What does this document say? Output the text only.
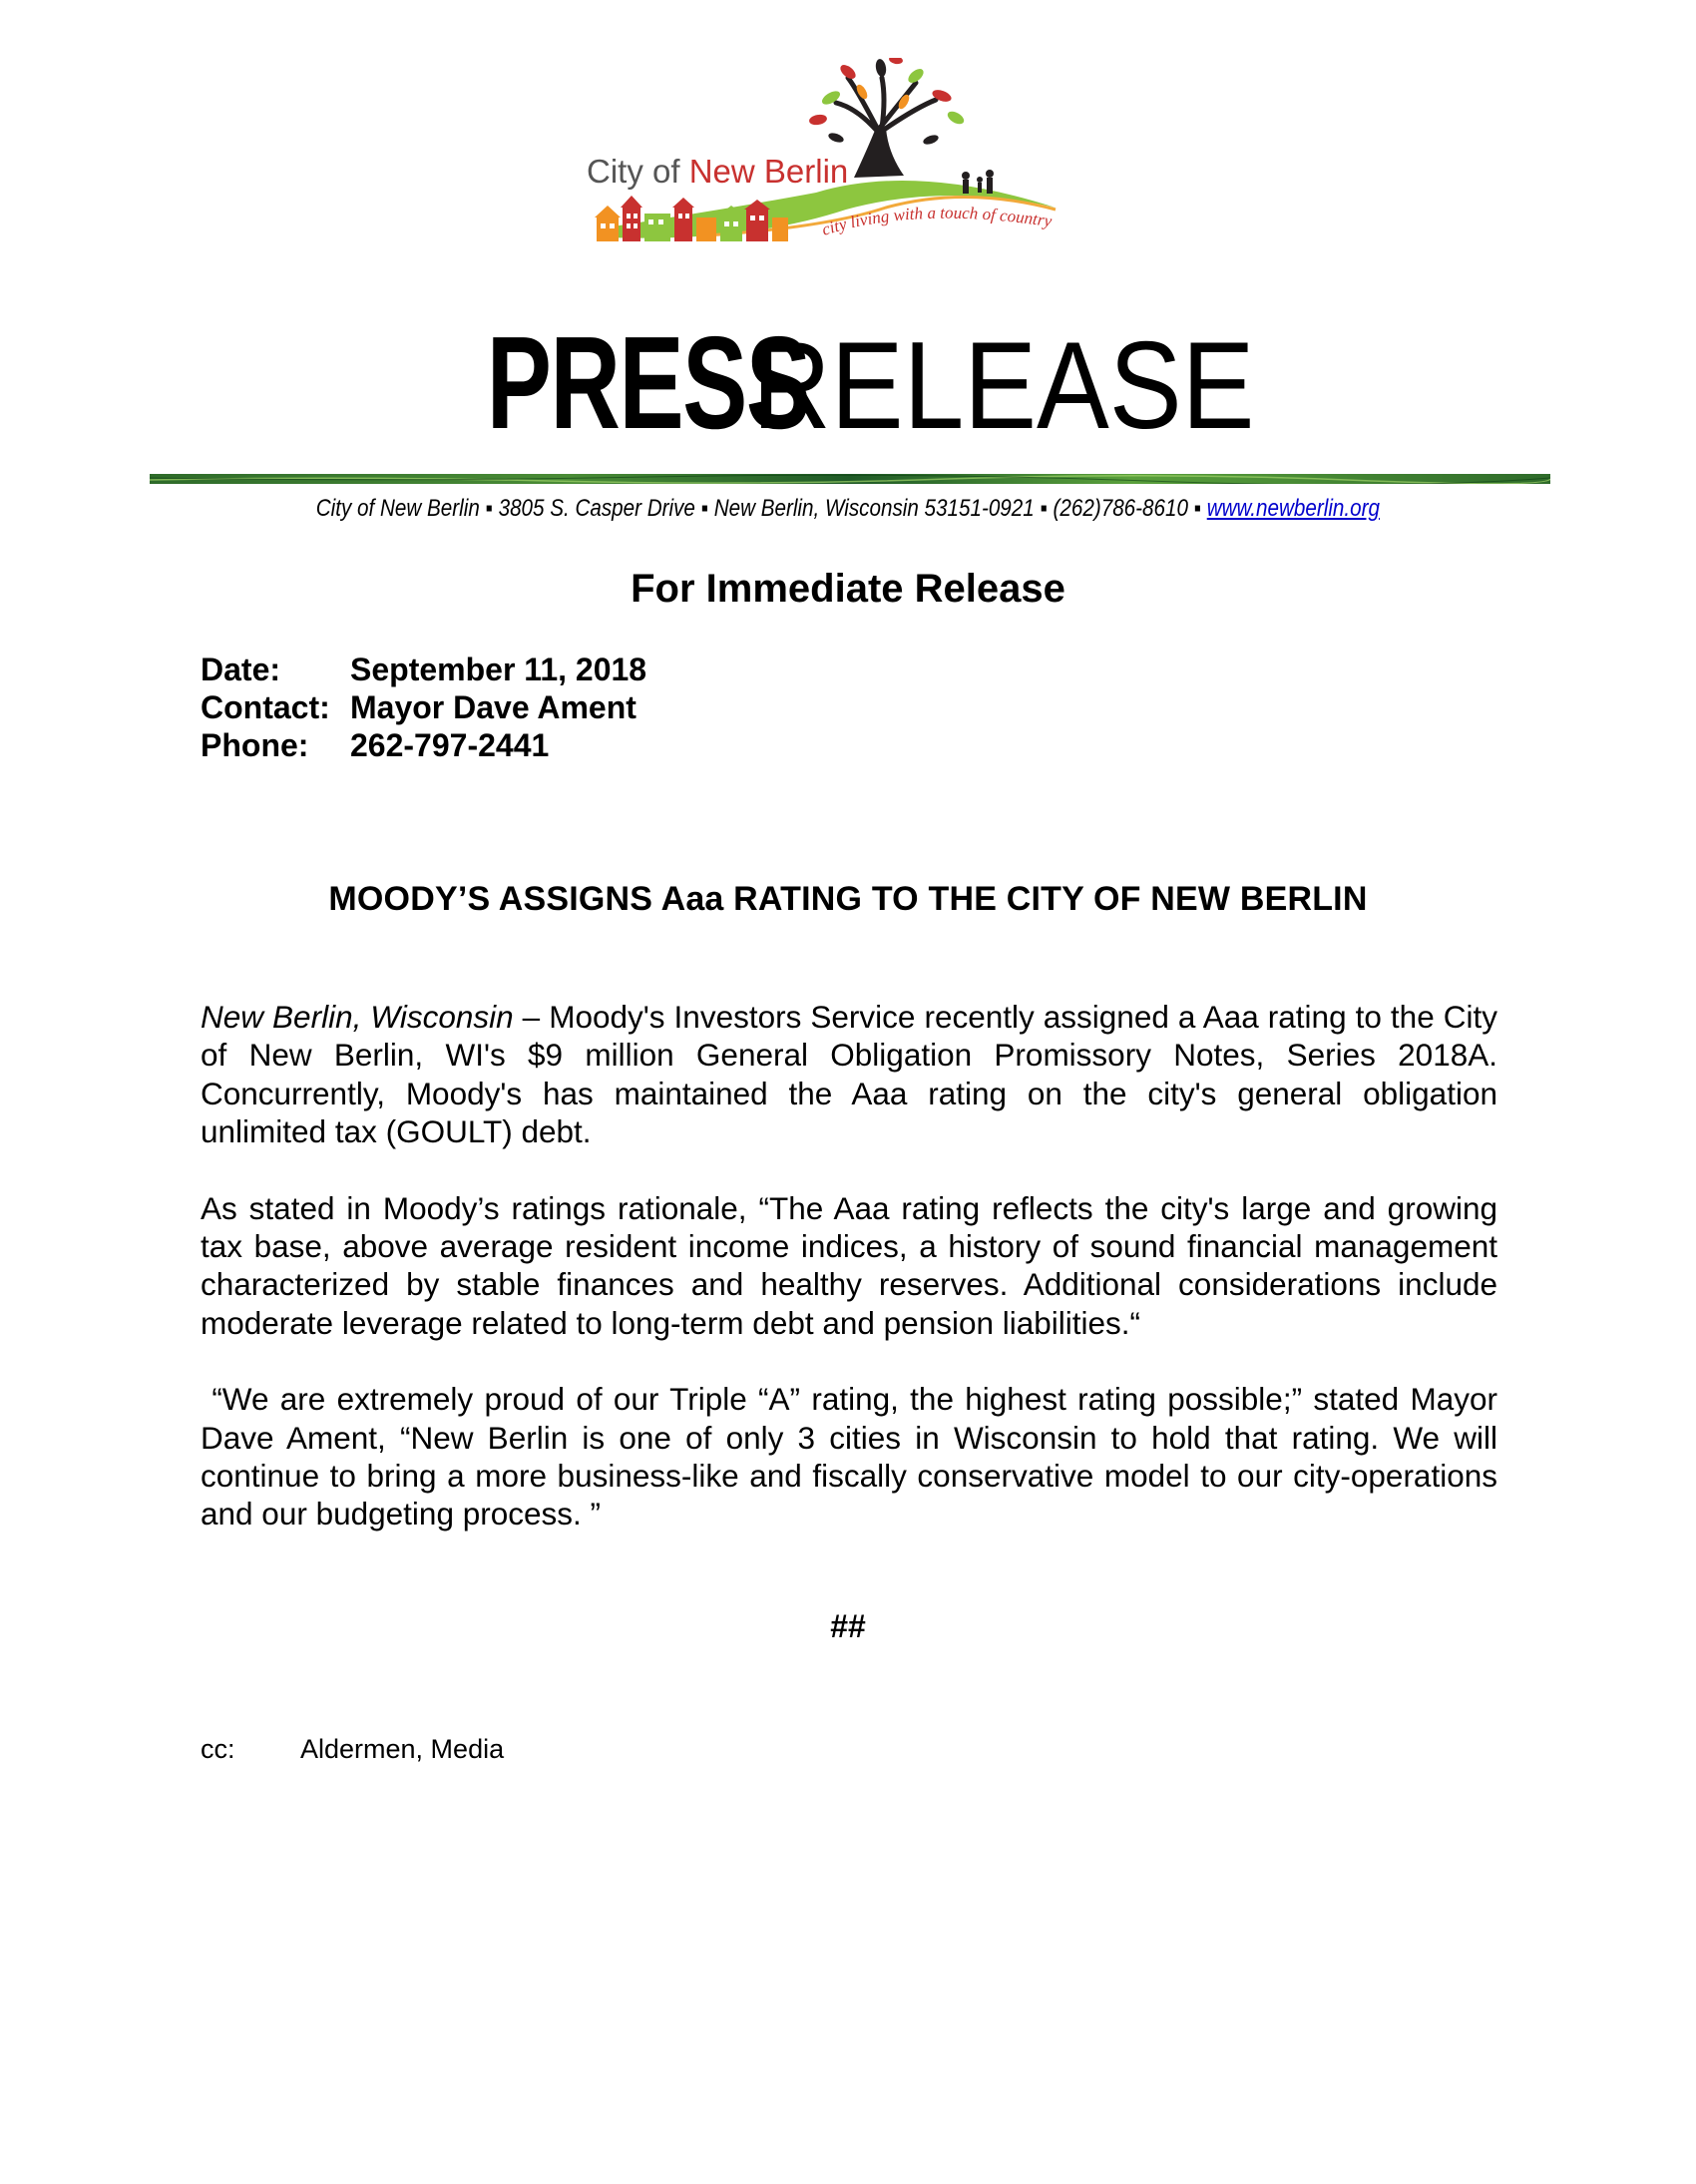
City of New Berlin
city living with a touch of country
PRESSRELEASE
City of New Berlin ▪ 3805 S. Casper Drive ▪ New Berlin, Wisconsin 53151-0921 ▪ (262)786-8610 ▪ www.newberlin.org
For Immediate Release
Date:	September 11, 2018
Contact: Mayor Dave Ament
Phone:	262-797-2441
MOODY’S ASSIGNS Aaa RATING TO THE CITY OF NEW BERLIN

New Berlin, Wisconsin – Moody's Investors Service recently assigned a Aaa rating to the City of New Berlin, WI's $9 million General Obligation Promissory Notes, Series 2018A. Concurrently, Moody's has maintained the Aaa rating on the city's general obligation unlimited tax (GOULT) debt.

As stated in Moody’s ratings rationale, “The Aaa rating reflects the city's large and growing tax base, above average resident income indices, a history of sound financial management characterized by stable finances and healthy reserves. Additional considerations include moderate leverage related to long-term debt and pension liabilities.“

“We are extremely proud of our Triple “A” rating, the highest rating possible;” stated Mayor Dave Ament, “New Berlin is one of only 3 cities in Wisconsin to hold that rating. We will continue to bring a more business-like and fiscally conservative model to our city-operations and our budgeting process. ”

##
cc: Aldermen, Media
